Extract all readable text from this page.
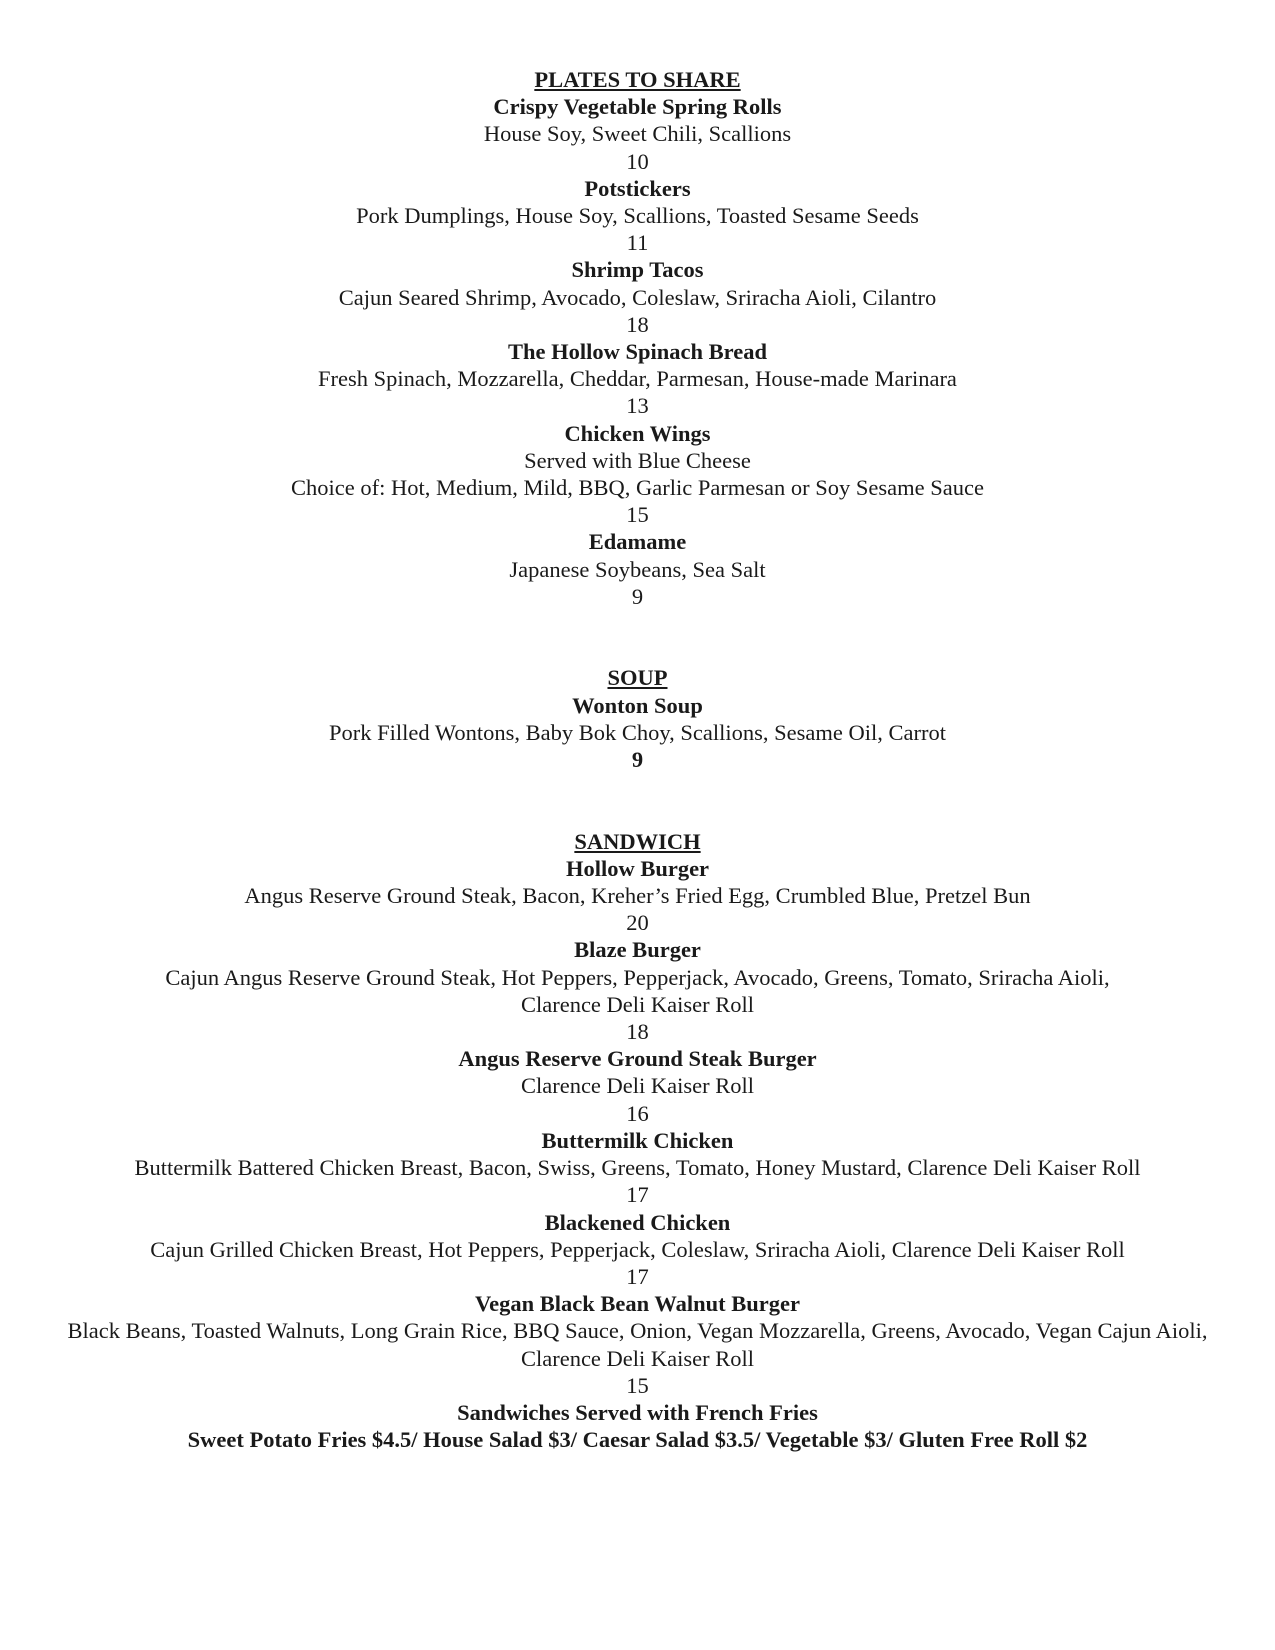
PLATES TO SHARE
Crispy Vegetable Spring Rolls
House Soy, Sweet Chili, Scallions
10
Potstickers
Pork Dumplings, House Soy, Scallions, Toasted Sesame Seeds
11
Shrimp Tacos
Cajun Seared Shrimp, Avocado, Coleslaw, Sriracha Aioli, Cilantro
18
The Hollow Spinach Bread
Fresh Spinach, Mozzarella, Cheddar, Parmesan, House-made Marinara
13
Chicken Wings
Served with Blue Cheese
Choice of: Hot, Medium, Mild, BBQ, Garlic Parmesan or Soy Sesame Sauce
15
Edamame
Japanese Soybeans, Sea Salt
9
SOUP
Wonton Soup
Pork Filled Wontons, Baby Bok Choy, Scallions, Sesame Oil, Carrot
9
SANDWICH
Hollow Burger
Angus Reserve Ground Steak, Bacon, Kreher’s Fried Egg, Crumbled Blue, Pretzel Bun
20
Blaze Burger
Cajun Angus Reserve Ground Steak, Hot Peppers, Pepperjack, Avocado, Greens, Tomato, Sriracha Aioli,
Clarence Deli Kaiser Roll
18
Angus Reserve Ground Steak Burger
Clarence Deli Kaiser Roll
16
Buttermilk Chicken
Buttermilk Battered Chicken Breast, Bacon, Swiss, Greens, Tomato, Honey Mustard, Clarence Deli Kaiser Roll
17
Blackened Chicken
Cajun Grilled Chicken Breast, Hot Peppers, Pepperjack, Coleslaw, Sriracha Aioli, Clarence Deli Kaiser Roll
17
Vegan Black Bean Walnut Burger
Black Beans, Toasted Walnuts, Long Grain Rice, BBQ Sauce, Onion, Vegan Mozzarella, Greens, Avocado, Vegan Cajun Aioli,
Clarence Deli Kaiser Roll
15
Sandwiches Served with French Fries
Sweet Potato Fries $4.5/ House Salad $3/ Caesar Salad $3.5/ Vegetable $3/ Gluten Free Roll $2
